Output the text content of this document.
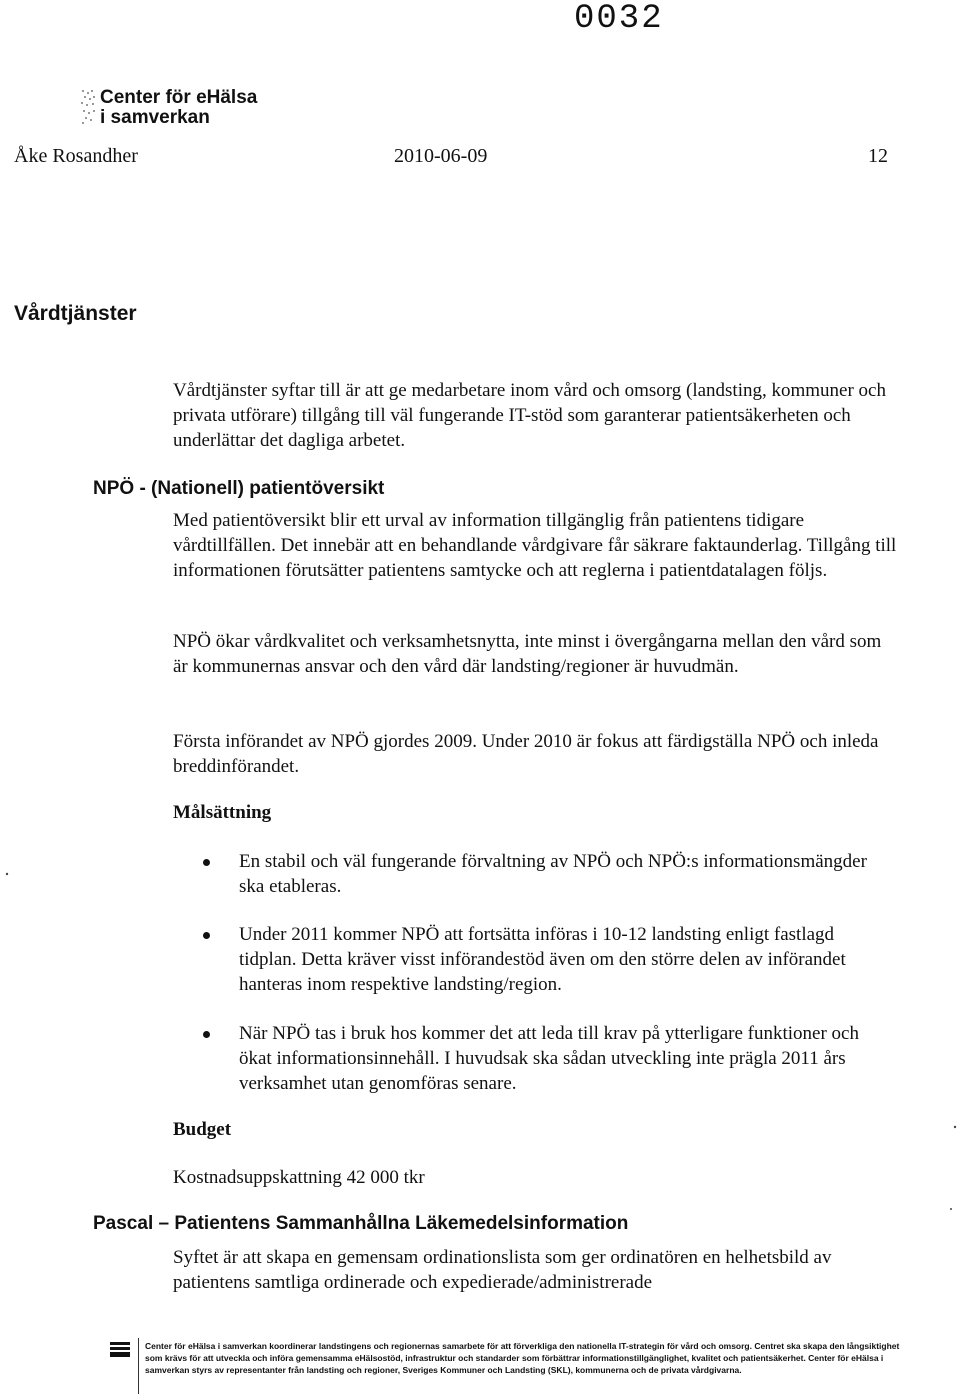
0032
Center för eHälsa
i samverkan
Åke Rosandher	2010-06-09	12
Vårdtjänster
Vårdtjänster syftar till är att ge medarbetare inom vård och omsorg (landsting, kommuner och privata utförare) tillgång till väl fungerande IT-stöd som garanterar patientsäkerheten och underlättar det dagliga arbetet.
NPÖ - (Nationell) patientöversikt
Med patientöversikt blir ett urval av information tillgänglig från patientens tidigare vårdtillfällen. Det innebär att en behandlande vårdgivare får säkrare faktaunderlag. Tillgång till informationen förutsätter patientens samtycke och att reglerna i patientdatalagen följs.
NPÖ ökar vårdkvalitet och verksamhetsnytta, inte minst i övergångarna mellan den vård som är kommunernas ansvar och den vård där landsting/regioner är huvudmän.
Första införandet av NPÖ gjordes 2009. Under 2010 är fokus att färdigställa NPÖ och inleda breddinförandet.
Målsättning
En stabil och väl fungerande förvaltning av NPÖ och NPÖ:s informationsmängder ska etableras.
Under 2011 kommer NPÖ att fortsätta införas i 10-12 landsting enligt fastlagd tidplan. Detta kräver visst införandestöd även om den större delen av införandet hanteras inom respektive landsting/region.
När NPÖ tas i bruk hos kommer det att leda till krav på ytterligare funktioner och ökat informationsinnehåll. I huvudsak ska sådan utveckling inte prägla 2011 års verksamhet utan genomföras senare.
Budget
Kostnadsuppskattning 42 000 tkr
Pascal – Patientens Sammanhållna Läkemedelsinformation
Syftet är att skapa en gemensam ordinationslista som ger ordinatören en helhetsbild av patientens samtliga ordinerade och expedierade/administrerade
Center för eHälsa i samverkan koordinerar landstingens och regionernas samarbete för att förverkliga den nationella IT-strategin för vård och omsorg. Centret ska skapa den långsiktighet som krävs för att utveckla och införa gemensamma eHälsostöd, infrastruktur och standarder som förbättrar informationstillgänglighet, kvalitet och patientsäkerhet. Center för eHälsa i samverkan styrs av representanter från landsting och regioner, Sveriges Kommuner och Landsting (SKL), kommunerna och de privata vårdgivarna.
